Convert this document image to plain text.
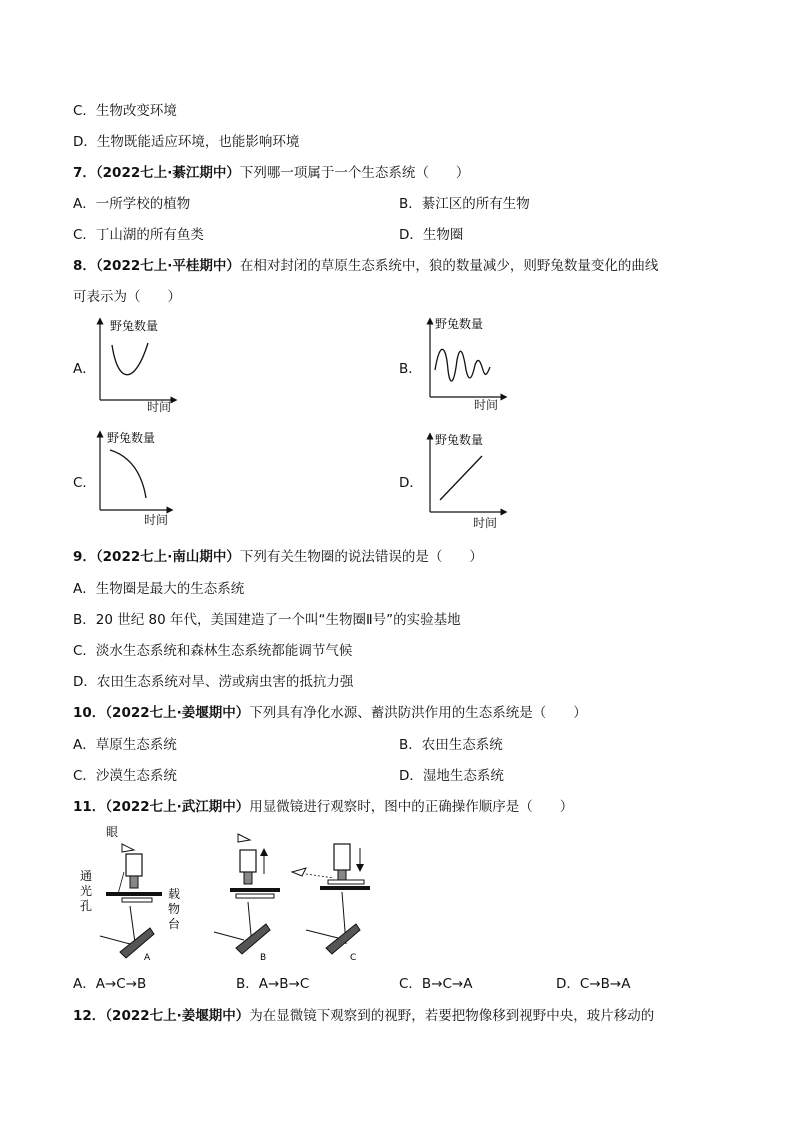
C．生物改变环境
D．生物既能适应环境，也能影响环境
7．（2022七上·綦江期中）下列哪一项属于一个生态系统（　　）
A．一所学校的植物	B．綦江区的所有生物
C．丁山湖的所有鱼类	D．生物圈
8．（2022七上·平桂期中）在相对封闭的草原生态系统中，狼的数量减少，则野兔数量变化的曲线
可表示为（　　）
A．	B．
C．	D．
野兔数量
时间
野兔数量
时间
野兔数量
时间
野兔数量
时间
9．（2022七上·南山期中）下列有关生物圈的说法错误的是（　　）
A．生物圈是最大的生态系统
B．20 世纪 80 年代，美国建造了一个叫“生物圈Ⅱ号”的实验基地
C．淡水生态系统和森林生态系统都能调节气候
D．农田生态系统对旱、涝或病虫害的抵抗力强
10．（2022七上·姜堰期中）下列具有净化水源、蓄洪防洪作用的生态系统是（　　）
A．草原生态系统	B．农田生态系统
C．沙漠生态系统	D．湿地生态系统
11．（2022七上·武江期中）用显微镜进行观察时，图中的正确操作顺序是（　　）
眼
A
通光孔
载物台
B	C
A．A→C→B	B．A→B→C	C．B→C→A	D．C→B→A
12．（2022七上·姜堰期中）为在显微镜下观察到的视野，若要把物像移到视野中央，玻片移动的
